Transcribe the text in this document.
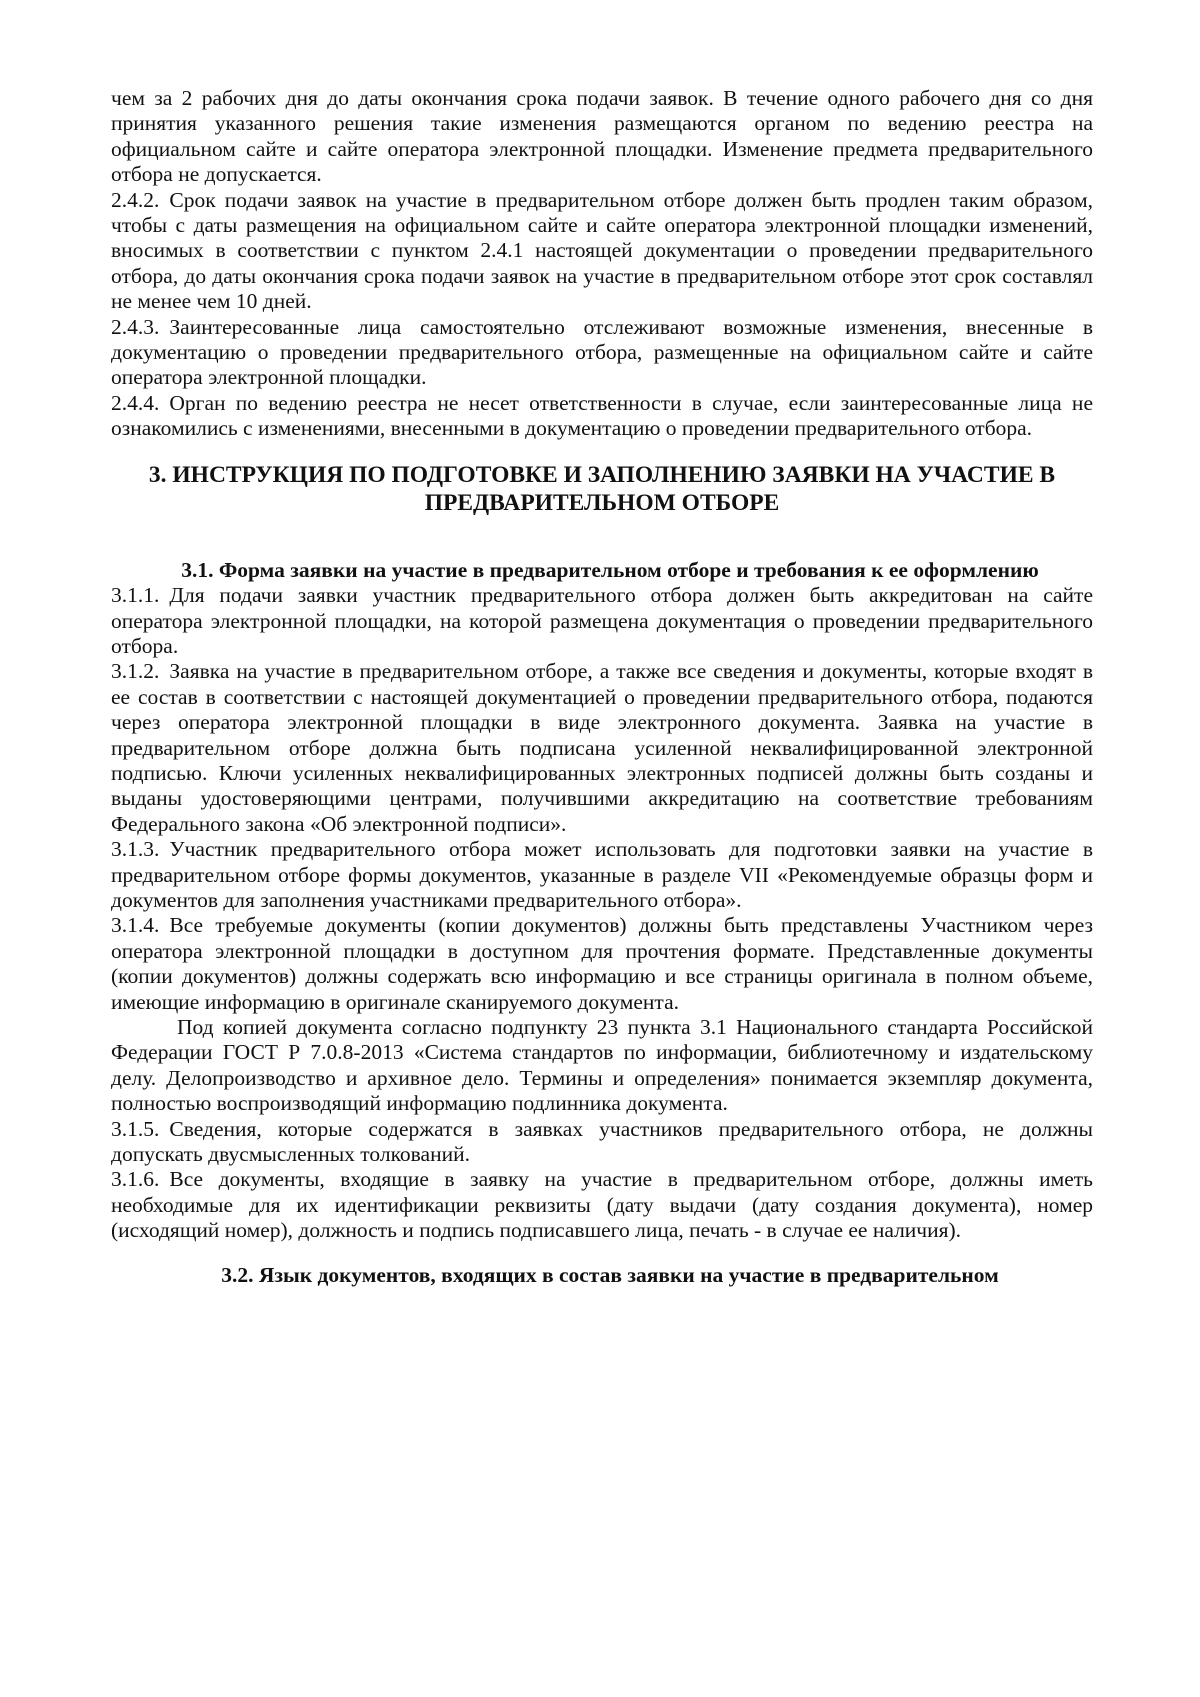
чем за 2 рабочих дня до даты окончания срока подачи заявок. В течение одного рабочего дня со дня принятия указанного решения такие изменения размещаются органом по ведению реестра на официальном сайте и сайте оператора электронной площадки. Изменение предмета предварительного отбора не допускается.

2.4.2. Срок подачи заявок на участие в предварительном отборе должен быть продлен таким образом, чтобы с даты размещения на официальном сайте и сайте оператора электронной площадки изменений, вносимых в соответствии с пунктом 2.4.1 настоящей документации о проведении предварительного отбора, до даты окончания срока подачи заявок на участие в предварительном отборе этот срок составлял не менее чем 10 дней.

2.4.3. Заинтересованные лица самостоятельно отслеживают возможные изменения, внесенные в документацию о проведении предварительного отбора, размещенные на официальном сайте и сайте оператора электронной площадки.

2.4.4. Орган по ведению реестра не несет ответственности в случае, если заинтересованные лица не ознакомились с изменениями, внесенными в документацию о проведении предварительного отбора.

3. ИНСТРУКЦИЯ ПО ПОДГОТОВКЕ И ЗАПОЛНЕНИЮ ЗАЯВКИ НА УЧАСТИЕ В ПРЕДВАРИТЕЛЬНОМ ОТБОРЕ
3.1. Форма заявки на участие в предварительном отборе и требования к ее оформлению

3.1.1. Для подачи заявки участник предварительного отбора должен быть аккредитован на сайте оператора электронной площадки, на которой размещена документация о проведении предварительного отбора.

3.1.2. Заявка на участие в предварительном отборе, а также все сведения и документы, которые входят в ее состав в соответствии с настоящей документацией о проведении предварительного отбора, подаются через оператора электронной площадки в виде электронного документа. Заявка на участие в предварительном отборе должна быть подписана усиленной неквалифицированной электронной подписью. Ключи усиленных неквалифицированных электронных подписей должны быть созданы и выданы удостоверяющими центрами, получившими аккредитацию на соответствие требованиям Федерального закона «Об электронной подписи».

3.1.3. Участник предварительного отбора может использовать для подготовки заявки на участие в предварительном отборе формы документов, указанные в разделе VII «Рекомендуемые образцы форм и документов для заполнения участниками предварительного отбора».

3.1.4. Все требуемые документы (копии документов) должны быть представлены Участником через оператора электронной площадки в доступном для прочтения формате. Представленные документы (копии документов) должны содержать всю информацию и все страницы оригинала в полном объеме, имеющие информацию в оригинале сканируемого документа.

Под копией документа согласно подпункту 23 пункта 3.1 Национального стандарта Российской Федерации ГОСТ Р 7.0.8-2013 «Система стандартов по информации, библиотечному и издательскому делу. Делопроизводство и архивное дело. Термины и определения» понимается экземпляр документа, полностью воспроизводящий информацию подлинника документа.

3.1.5. Сведения, которые содержатся в заявках участников предварительного отбора, не должны допускать двусмысленных толкований.

3.1.6. Все документы, входящие в заявку на участие в предварительном отборе, должны иметь необходимые для их идентификации реквизиты (дату выдачи (дату создания документа), номер (исходящий номер), должность и подпись подписавшего лица, печать - в случае ее наличия).

3.2. Язык документов, входящих в состав заявки на участие в предварительном
